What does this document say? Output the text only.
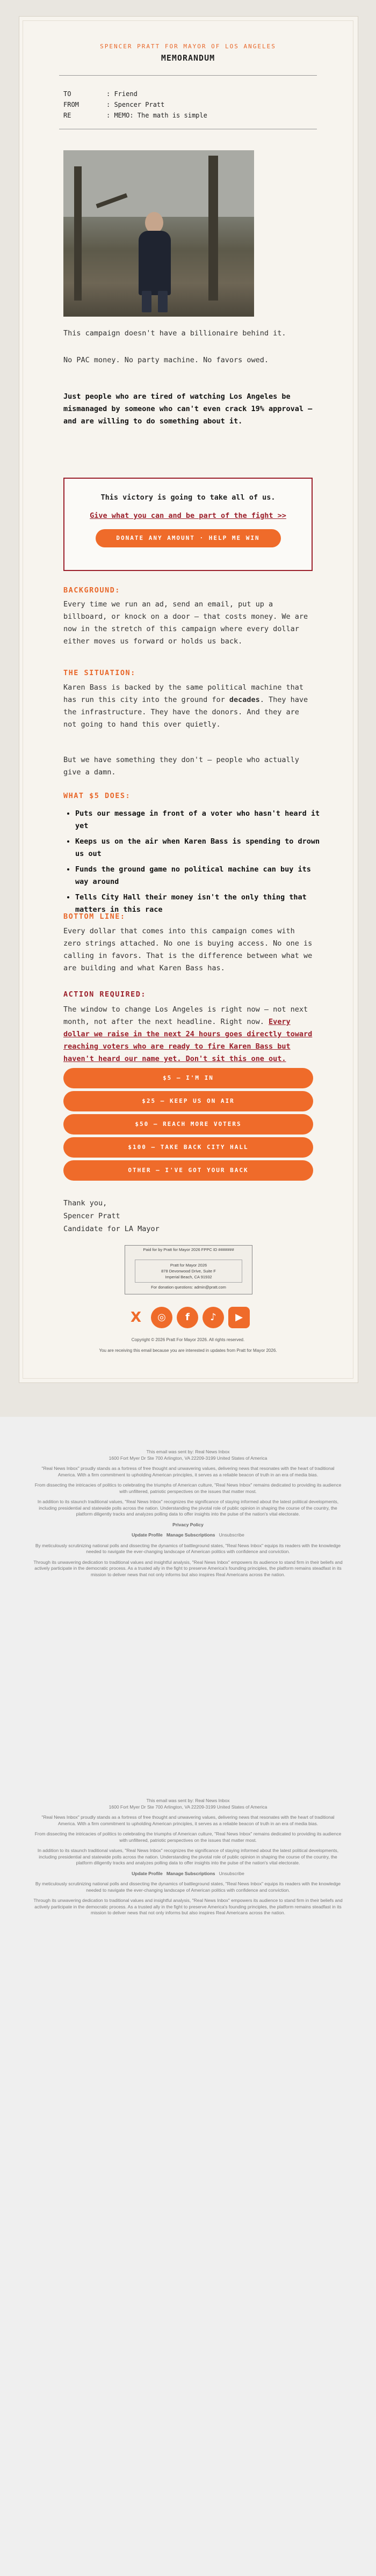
SPENCER PRATT FOR MAYOR OF LOS ANGELES
MEMORANDUM
TO	: Friend
FROM	: Spencer Pratt
RE	: MEMO: The math is simple
This campaign doesn't have a billionaire behind it.
No PAC money. No party machine. No favors owed.
Just people who are tired of watching Los Angeles be mismanaged by someone who can't even crack 19% approval — and are willing to do something about it.
This victory is going to take all of us.
Give what you can and be part of the fight >>
DONATE ANY AMOUNT · HELP ME WIN
BACKGROUND:
Every time we run an ad, send an email, put up a billboard, or knock on a door — that costs money. We are now in the stretch of this campaign where every dollar either moves us forward or holds us back.
THE SITUATION:
Karen Bass is backed by the same political machine that has run this city into the ground for decades. They have the infrastructure. They have the donors. And they are not going to hand this over quietly.
But we have something they don't — people who actually give a damn.
WHAT $5 DOES:
• Puts our message in front of a voter who hasn't heard it yet
• Keeps us on the air when Karen Bass is spending to drown us out
• Funds the ground game no political machine can buy its way around
• Tells City Hall their money isn't the only thing that matters in this race
BOTTOM LINE:
Every dollar that comes into this campaign comes with zero strings attached. No one is buying access. No one is calling in favors. That is the difference between what we are building and what Karen Bass has.
ACTION REQUIRED:
The window to change Los Angeles is right now — not next month, not after the next headline. Right now. Every dollar we raise in the next 24 hours goes directly toward reaching voters who are ready to fire Karen Bass but haven't heard our name yet. Don't sit this one out.
$5 — I'M IN
$25 — KEEP US ON AIR
$50 — REACH MORE VOTERS
$100 — TAKE BACK CITY HALL
OTHER — I'VE GOT YOUR BACK
Thank you,
Spencer Pratt
Candidate for LA Mayor
Paid for by Pratt for Mayor 2026 FPPC ID #######
Pratt for Mayor 2026
878 Devonwood Drive, Suite F
Imperial Beach, CA 91932
For donation questions: admin@pratt.com
X	◎	f	♪	▶
Copyright © 2026 Pratt For Mayor 2026. All rights reserved.
You are receiving this email because you are interested in updates from Pratt for Mayor 2026.

This email was sent by: Real News Inbox

1600 Fort Myer Dr Ste 700 Arlington, VA 22209-3199 United States of America

"Real News Inbox" proudly stands as a fortress of free thought and unwavering values, delivering news that resonates with the heart of traditional America. With a firm commitment to upholding American principles, it serves as a reliable beacon of truth in an era of media bias.

From dissecting the intricacies of politics to celebrating the triumphs of American culture, "Real News Inbox" remains dedicated to providing its audience with unfiltered, patriotic perspectives on the issues that matter most.

In addition to its staunch traditional values, "Real News Inbox" recognizes the significance of staying informed about the latest political developments, including presidential and statewide polls across the nation. Understanding the pivotal role of public opinion in shaping the course of the country, the platform diligently tracks and analyzes polling data to offer insights into the pulse of the nation's vital electorate.

Privacy Policy

Update Profile Manage Subscriptions Unsubscribe

By meticulously scrutinizing national polls and dissecting the dynamics of battleground states, "Real News Inbox" equips its readers with the knowledge needed to navigate the ever-changing landscape of American politics with confidence and conviction.

Through its unwavering dedication to traditional values and insightful analysis, "Real News Inbox" empowers its audience to stand firm in their beliefs and actively participate in the democratic process. As a trusted ally in the fight to preserve America's founding principles, the platform remains steadfast in its mission to deliver news that not only informs but also inspires Real Americans across the nation.

This email was sent by: Real News Inbox

1600 Fort Myer Dr Ste 700 Arlington, VA 22209-3199 United States of America

"Real News Inbox" proudly stands as a fortress of free thought and unwavering values, delivering news that resonates with the heart of traditional America. With a firm commitment to upholding American principles, it serves as a reliable beacon of truth in an era of media bias.

From dissecting the intricacies of politics to celebrating the triumphs of American culture, "Real News Inbox" remains dedicated to providing its audience with unfiltered, patriotic perspectives on the issues that matter most.

In addition to its staunch traditional values, "Real News Inbox" recognizes the significance of staying informed about the latest political developments, including presidential and statewide polls across the nation. Understanding the pivotal role of public opinion in shaping the course of the country, the platform diligently tracks and analyzes polling data to offer insights into the pulse of the nation's vital electorate.

Update Profile Manage Subscriptions Unsubscribe

By meticulously scrutinizing national polls and dissecting the dynamics of battleground states, "Real News Inbox" equips its readers with the knowledge needed to navigate the ever-changing landscape of American politics with confidence and conviction.

Through its unwavering dedication to traditional values and insightful analysis, "Real News Inbox" empowers its audience to stand firm in their beliefs and actively participate in the democratic process. As a trusted ally in the fight to preserve America's founding principles, the platform remains steadfast in its mission to deliver news that not only informs but also inspires Real Americans across the nation.
